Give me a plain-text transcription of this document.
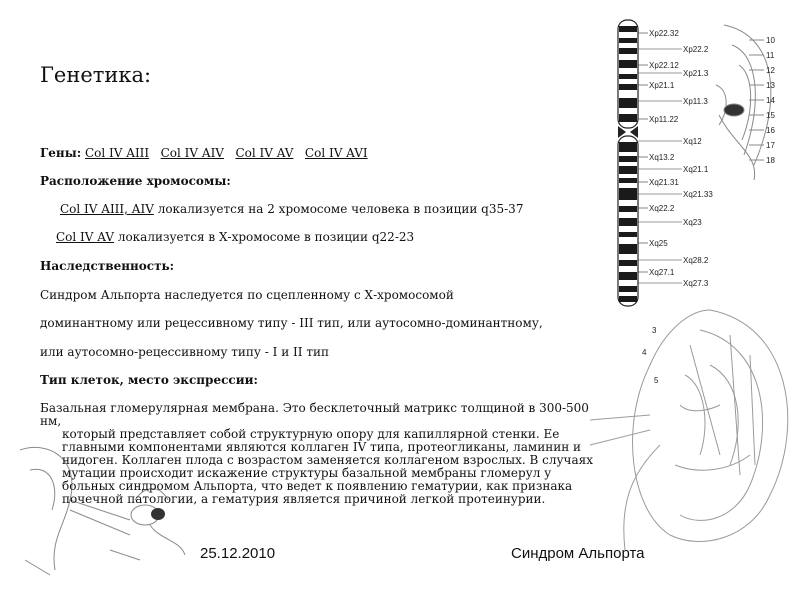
10
11
12
13
14
15
16
17
18
3
4
5
Xp22.32
Xp22.12
Xp21.1
Xp11.22
Xq13.2
Xq21.31
Xq22.2
Xq25
Xq27.1
Xp22.2
Xp21.3
Xp11.3
Xq12
Xq21.1
Xq21.33
Xq23
Xq28.2
Xq27.3
Генетика:
Гены: Col IV AIII Col IV AIV Col IV AV Col IV AVI
Расположение хромосомы:
Col IV AIII, AIV локализуется на 2 хромосоме человека в позиции q35-37
Col IV AV локализуется в Х-хромосоме в позиции q22-23
Наследственность:
Синдром Альпорта наследуется по сцепленному с Х-хромосомой
доминантному или рецессивному типу - III тип, или аутосомно-доминантному,
или аутосомно-рецессивному типу - I и II тип
Тип клеток, место экспрессии:
Базальная гломерулярная мембрана. Это бесклеточный матрикс толщиной в 300-500 нм,
который представляет собой структурную опору для капиллярной стенки. Ее главными компонентами являются коллаген IV типа, протеогликаны, ламинин и нидоген. Коллаген плода с возрастом заменяется коллагеном взрослых. В случаях мутации происходит искажение структуры базальной мембраны гломерул у больных синдромом Альпорта, что ведет к появлению гематурии, как признака почечной патологии, а гематурия является причиной легкой протеинурии.
25.12.2010	Синдром Альпорта
